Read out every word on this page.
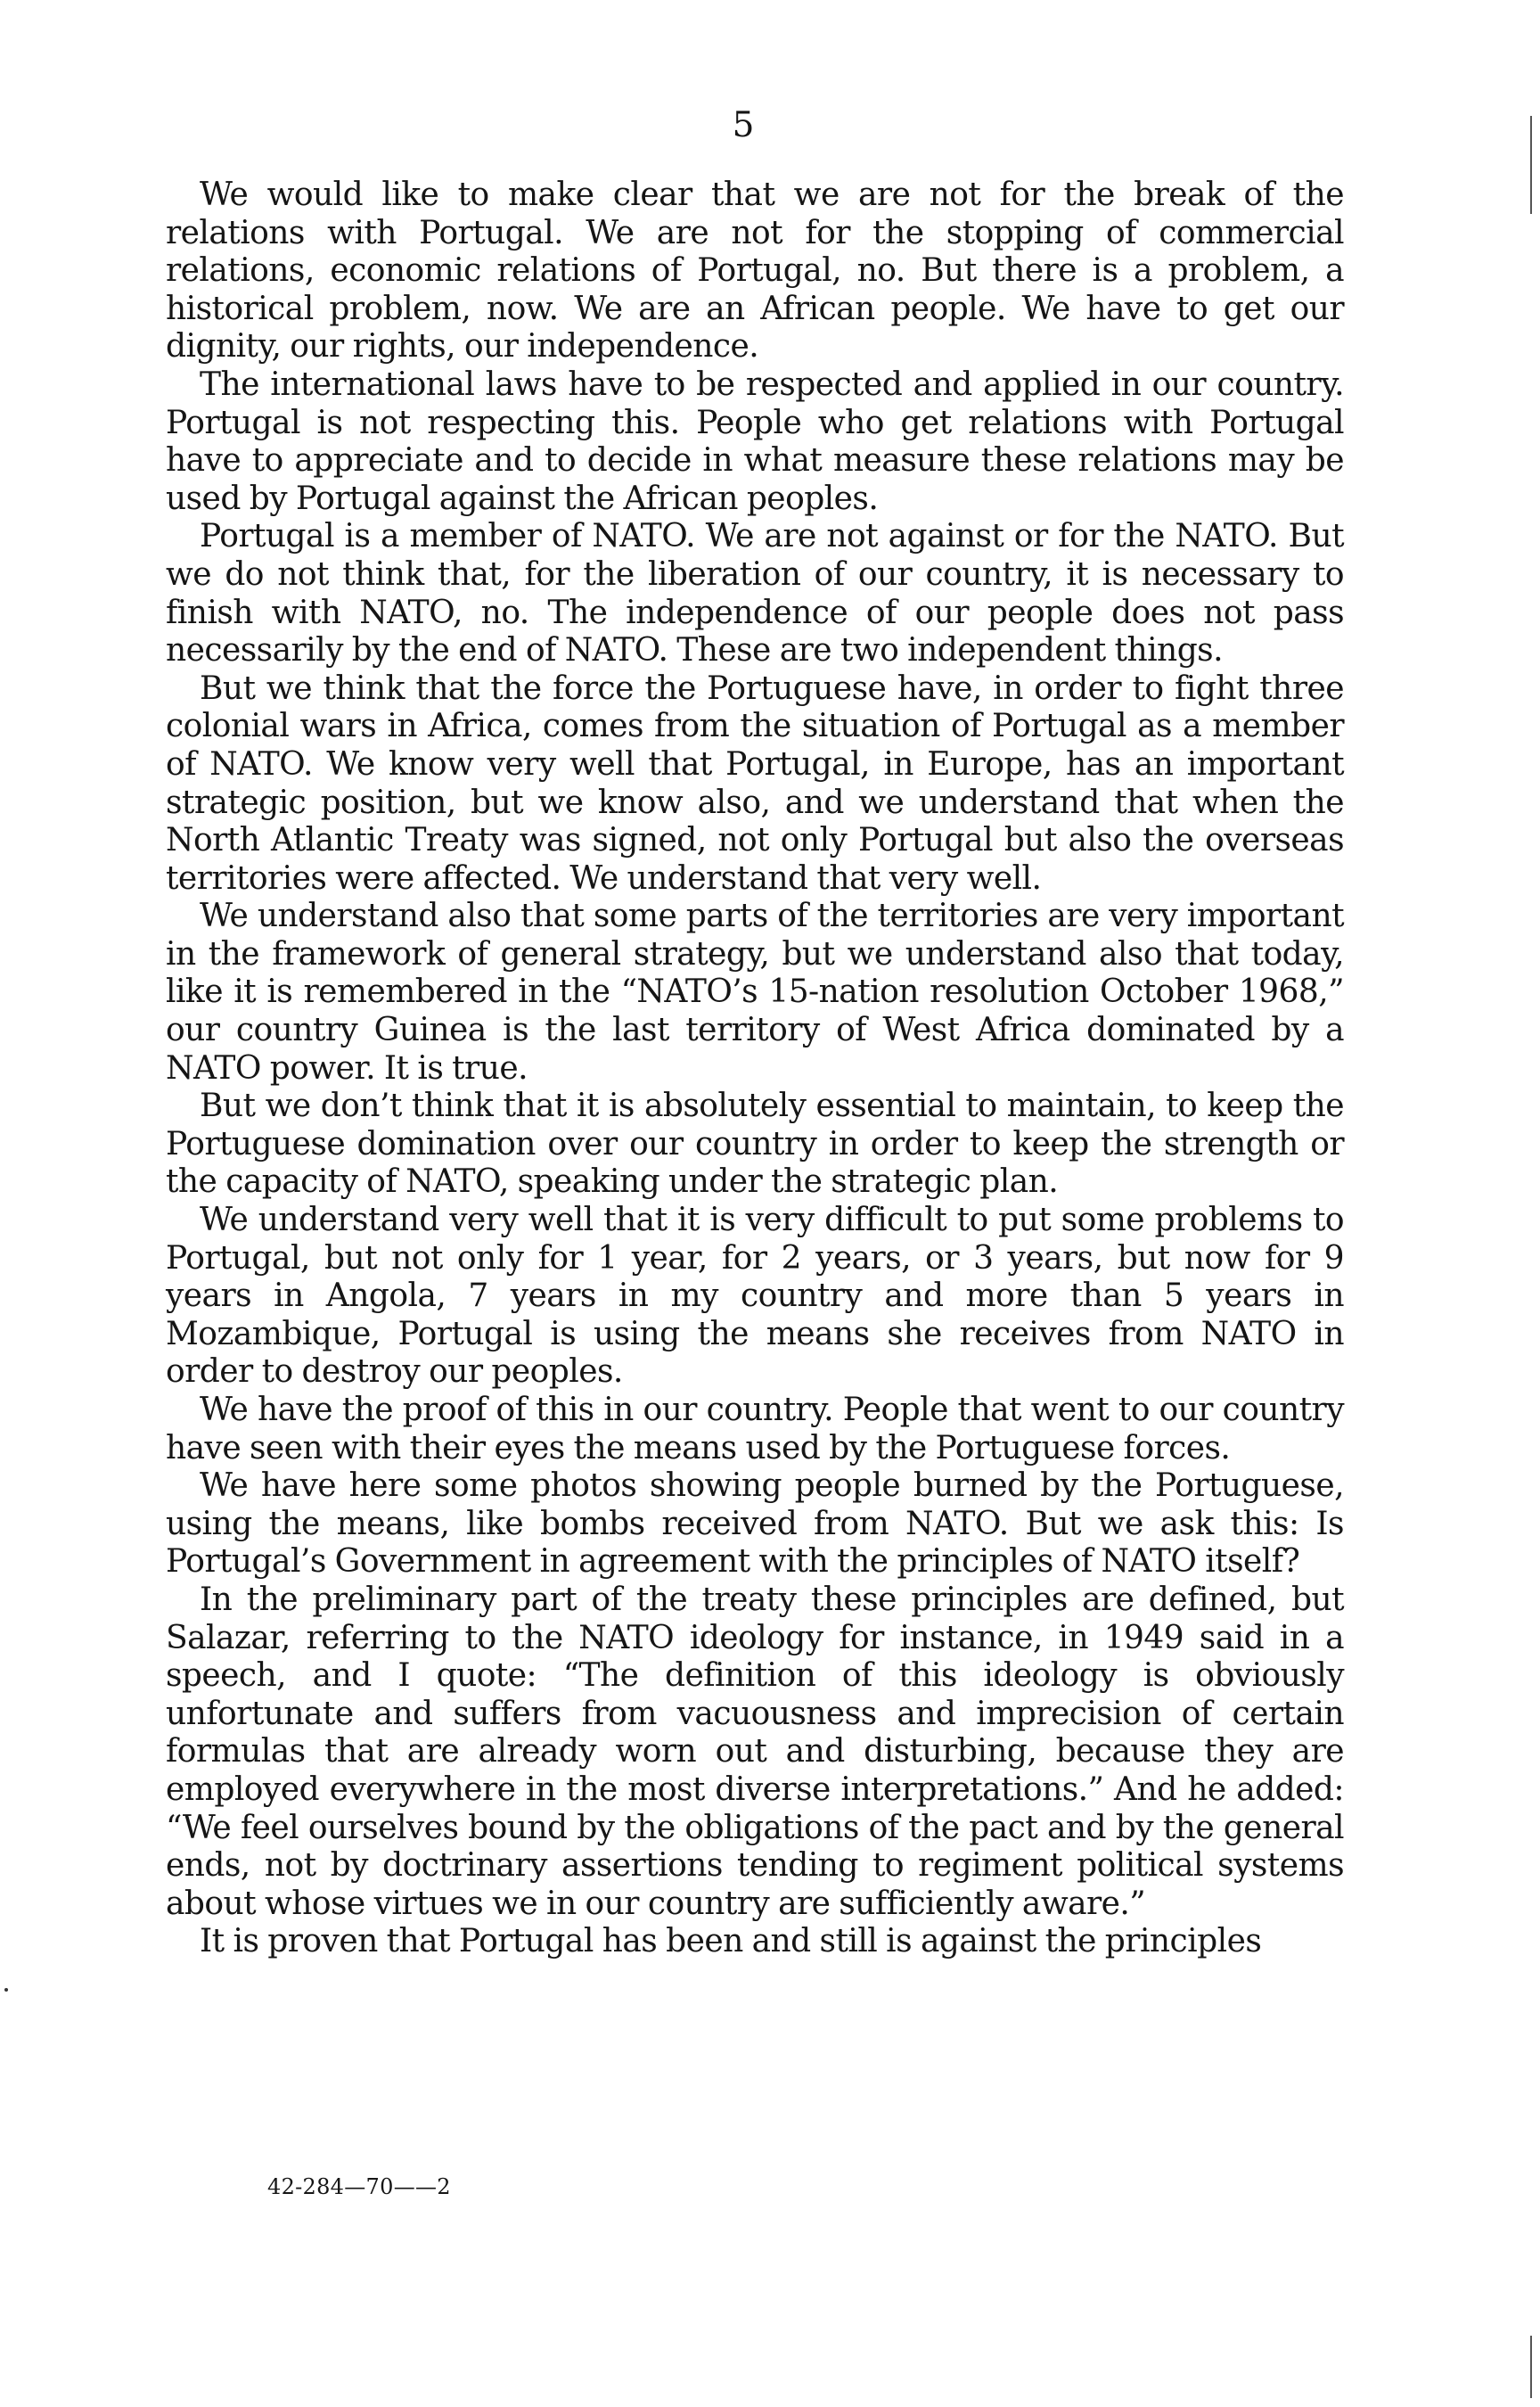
5

We would like to make clear that we are not for the break of the relations with Portugal. We are not for the stopping of commercial relations, economic relations of Portugal, no. But there is a problem, a historical problem, now. We are an African people. We have to get our dignity, our rights, our independence.

The international laws have to be respected and applied in our country. Portugal is not respecting this. People who get relations with Portugal have to appreciate and to decide in what measure these relations may be used by Portugal against the African peoples.

Portugal is a member of NATO. We are not against or for the NATO. But we do not think that, for the liberation of our country, it is necessary to finish with NATO, no. The independence of our people does not pass necessarily by the end of NATO. These are two independent things.

But we think that the force the Portuguese have, in order to fight three colonial wars in Africa, comes from the situation of Portugal as a member of NATO. We know very well that Portugal, in Europe, has an important strategic position, but we know also, and we understand that when the North Atlantic Treaty was signed, not only Portugal but also the overseas territories were affected. We understand that very well.

We understand also that some parts of the territories are very important in the framework of general strategy, but we understand also that today, like it is remembered in the “NATO’s 15-nation resolution October 1968,” our country Guinea is the last territory of West Africa dominated by a NATO power. It is true.

But we don’t think that it is absolutely essential to maintain, to keep the Portuguese domination over our country in order to keep the strength or the capacity of NATO, speaking under the strategic plan.

We understand very well that it is very difficult to put some problems to Portugal, but not only for 1 year, for 2 years, or 3 years, but now for 9 years in Angola, 7 years in my country and more than 5 years in Mozambique, Portugal is using the means she receives from NATO in order to destroy our peoples.

We have the proof of this in our country. People that went to our country have seen with their eyes the means used by the Portuguese forces.

We have here some photos showing people burned by the Portuguese, using the means, like bombs received from NATO. But we ask this: Is Portugal’s Government in agreement with the principles of NATO itself?

In the preliminary part of the treaty these principles are defined, but Salazar, referring to the NATO ideology for instance, in 1949 said in a speech, and I quote: “The definition of this ideology is obviously unfortunate and suffers from vacuousness and imprecision of certain formulas that are already worn out and disturbing, because they are employed everywhere in the most diverse interpretations.” And he added: “We feel ourselves bound by the obligations of the pact and by the general ends, not by doctrinary assertions tending to regiment political systems about whose virtues we in our country are sufficiently aware.”

It is proven that Portugal has been and still is against the principles

42-284—70——2
